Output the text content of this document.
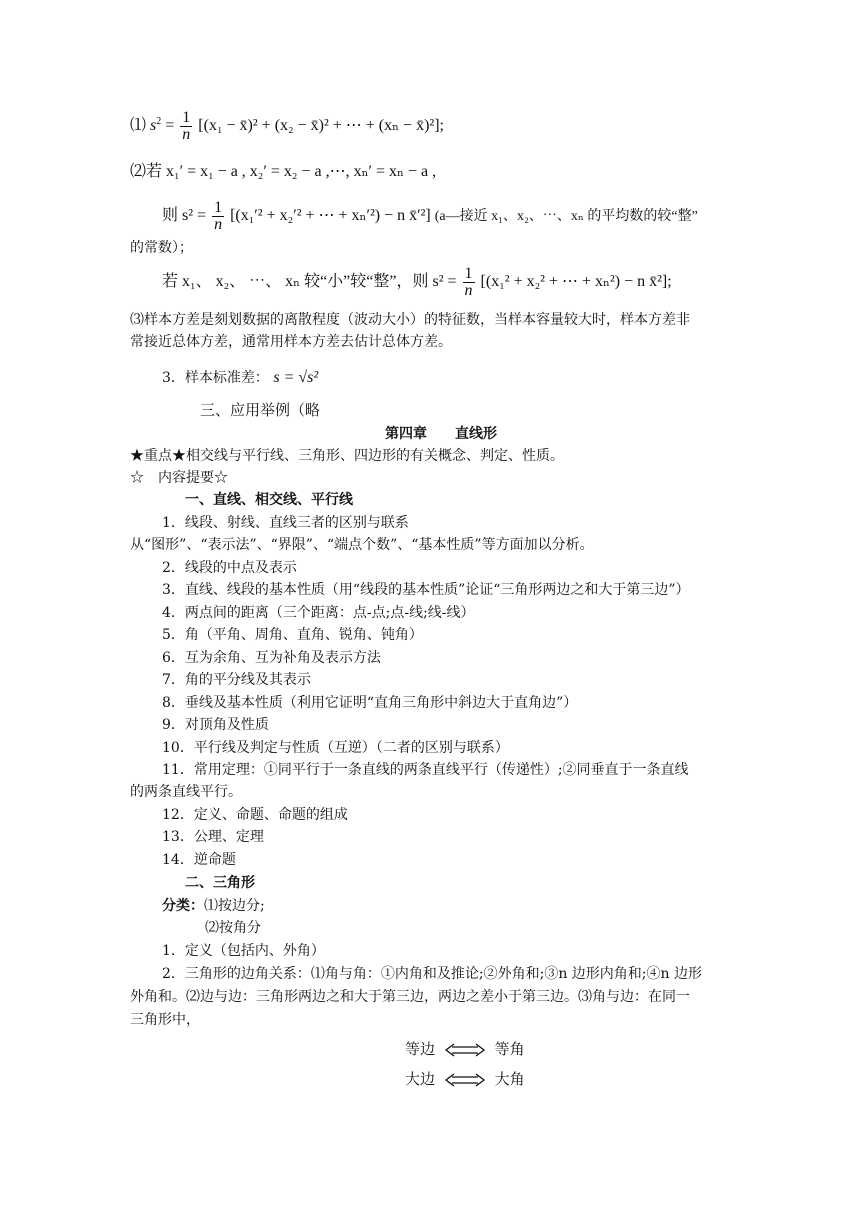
⑴ $s^2 = \frac{1}{n} [(x_1$ − x̄)² + (x₂ − x̄)² + ⋯ + (xₙ − x̄)²];
⑵若 x₁′ = x₁ − a , x₂′ = x₂ − a ,⋯, xₙ′ = xₙ − a ,
则 $s^2 = \frac{1}{n} [(x_1'^2 + x_2'^2$ + ⋯ + xₙ′²) − n x̄′²] (a—接近 x₁、x₂、⋯、xₙ 的平均数的较“整”
的常数）；
若 x₁、 x₂、 ⋯、 xₙ 较“小”较“整”，则 $s^2 = \frac{1}{n} [(x_1^2 + x_2^2$ + ⋯ + xₙ²) − n x̄²];
⑶样本方差是刻划数据的离散程度（波动大小）的特征数，当样本容量较大时，样本方差非
常接近总体方差，通常用样本方差去估计总体方差。
3．样本标准差： s = √s²
三、应用举例（略
第四章　　直线形
★重点★相交线与平行线、三角形、四边形的有关概念、判定、性质。
☆　内容提要☆
一、直线、相交线、平行线
1．线段、射线、直线三者的区别与联系
从“图形”、“表示法”、“界限”、“端点个数”、“基本性质”等方面加以分析。
2．线段的中点及表示
3．直线、线段的基本性质（用“线段的基本性质”论证“三角形两边之和大于第三边”）
4．两点间的距离（三个距离：点-点;点-线;线-线）
5．角（平角、周角、直角、锐角、钝角）
6．互为余角、互为补角及表示方法
7．角的平分线及其表示
8．垂线及基本性质（利用它证明“直角三角形中斜边大于直角边”）
9．对顶角及性质
10．平行线及判定与性质（互逆）（二者的区别与联系）
11．常用定理：①同平行于一条直线的两条直线平行（传递性）;②同垂直于一条直线
的两条直线平行。
12．定义、命题、命题的组成
13．公理、定理
14．逆命题
二、三角形
分类：⑴按边分;
⑵按角分
1．定义（包括内、外角）
2．三角形的边角关系：⑴角与角：①内角和及推论;②外角和;③n 边形内角和;④n 边形
外角和。⑵边与边：三角形两边之和大于第三边，两边之差小于第三边。⑶角与边：在同一
三角形中，
等边	等角
大边	大角
